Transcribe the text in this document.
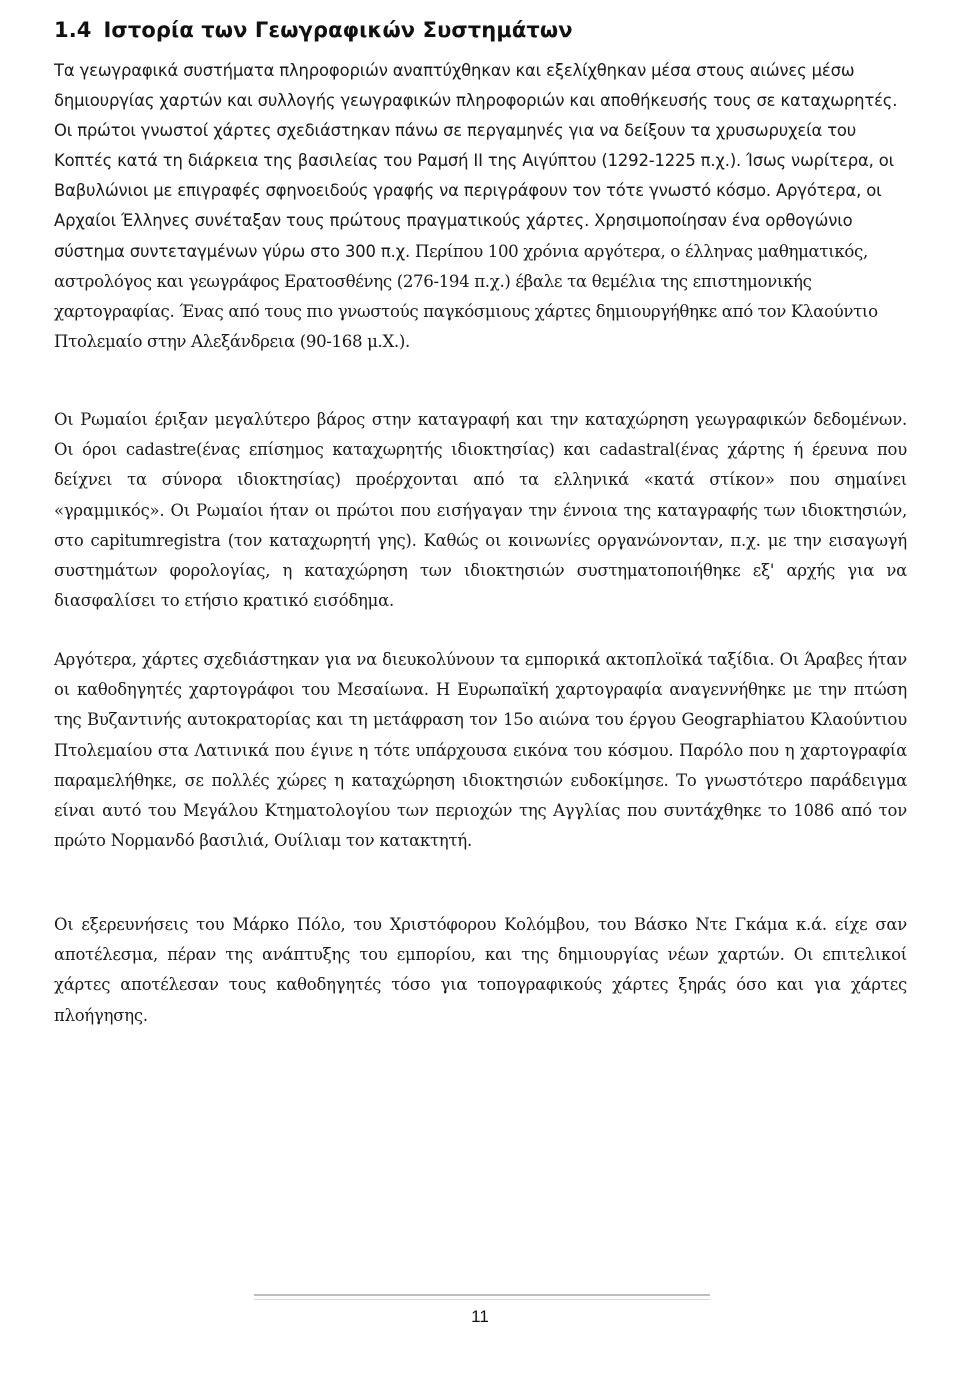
1.4 Ιστορία των Γεωγραφικών Συστημάτων

Τα γεωγραφικά συστήματα πληροφοριών αναπτύχθηκαν και εξελίχθηκαν μέσα στους αιώνες μέσω δημιουργίας χαρτών και συλλογής γεωγραφικών πληροφοριών και αποθήκευσής τους σε καταχωρητές. Οι πρώτοι γνωστοί χάρτες σχεδιάστηκαν πάνω σε περγαμηνές για να δείξουν τα χρυσωρυχεία του Κοπτές κατά τη διάρκεια της βασιλείας του Ραμσή ΙΙ της Αιγύπτου (1292-1225 π.χ.). Ίσως νωρίτερα, οι Βαβυλώνιοι με επιγραφές σφηνοειδούς γραφής να περιγράφουν τον τότε γνωστό κόσμο. Αργότερα, οι Αρχαίοι Έλληνες συνέταξαν τους πρώτους πραγματικούς χάρτες. Χρησιμοποίησαν ένα ορθογώνιο σύστημα συντεταγμένων γύρω στο 300 π.χ. Περίπου 100 χρόνια αργότερα, ο έλληνας μαθηματικός, αστρολόγος και γεωγράφος Ερατοσθένης (276-194 π.χ.) έβαλε τα θεμέλια της επιστημονικής χαρτογραφίας. Ένας από τους πιο γνωστούς παγκόσμιους χάρτες δημιουργήθηκε από τον Κλαούντιο Πτολεμαίο στην Αλεξάνδρεια (90-168 μ.Χ.).

Οι Ρωμαίοι έριξαν μεγαλύτερο βάρος στην καταγραφή και την καταχώρηση γεωγραφικών δεδομένων. Οι όροι cadastre(ένας επίσημος καταχωρητής ιδιοκτησίας) και cadastral(ένας χάρτης ή έρευνα που δείχνει τα σύνορα ιδιοκτησίας) προέρχονται από τα ελληνικά «κατά στίκον» που σημαίνει «γραμμικός». Οι Ρωμαίοι ήταν οι πρώτοι που εισήγαγαν την έννοια της καταγραφής των ιδιοκτησιών, στο capitumregistra (τον καταχωρητή γης). Καθώς οι κοινωνίες οργανώνονταν, π.χ. με την εισαγωγή συστημάτων φορολογίας, η καταχώρηση των ιδιοκτησιών συστηματοποιήθηκε εξ' αρχής για να διασφαλίσει το ετήσιο κρατικό εισόδημα.

Αργότερα, χάρτες σχεδιάστηκαν για να διευκολύνουν τα εμπορικά ακτοπλοϊκά ταξίδια. Οι Άραβες ήταν οι καθοδηγητές χαρτογράφοι του Μεσαίωνα. Η Ευρωπαϊκή χαρτογραφία αναγεννήθηκε με την πτώση της Βυζαντινής αυτοκρατορίας και τη μετάφραση τον 15ο αιώνα του έργου Geographiaτου Κλαούντιου Πτολεμαίου στα Λατινικά που έγινε η τότε υπάρχουσα εικόνα του κόσμου. Παρόλο που η χαρτογραφία παραμελήθηκε, σε πολλές χώρες η καταχώρηση ιδιοκτησιών ευδοκίμησε. Το γνωστότερο παράδειγμα είναι αυτό του Μεγάλου Κτηματολογίου των περιοχών της Αγγλίας που συντάχθηκε το 1086 από τον πρώτο Νορμανδό βασιλιά, Ουίλιαμ τον κατακτητή.

Οι εξερευνήσεις του Μάρκο Πόλο, του Χριστόφορου Κολόμβου, του Βάσκο Ντε Γκάμα κ.ά. είχε σαν αποτέλεσμα, πέραν της ανάπτυξης του εμπορίου, και της δημιουργίας νέων χαρτών. Οι επιτελικοί χάρτες αποτέλεσαν τους καθοδηγητές τόσο για τοπογραφικούς χάρτες ξηράς όσο και για χάρτες πλοήγησης.

11
